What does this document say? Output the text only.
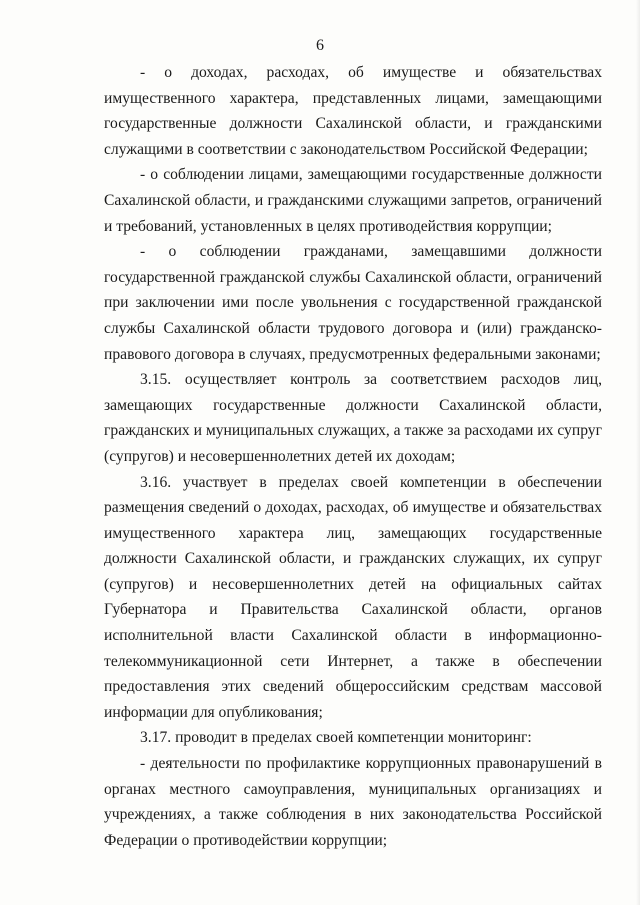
6

- о доходах, расходах, об имуществе и обязательствах имущественного характера, представленных лицами, замещающими государственные должности Сахалинской области, и гражданскими служащими в соответствии с законодательством Российской Федерации;

- о соблюдении лицами, замещающими государственные должности Сахалинской области, и гражданскими служащими запретов, ограничений и требований, установленных в целях противодействия коррупции;

- о соблюдении гражданами, замещавшими должности государственной гражданской службы Сахалинской области, ограничений при заключении ими после увольнения с государственной гражданской службы Сахалинской области трудового договора и (или) гражданско-правового договора в случаях, предусмотренных федеральными законами;

3.15. осуществляет контроль за соответствием расходов лиц, замещающих государственные должности Сахалинской области, гражданских и муниципальных служащих, а также за расходами их супруг (супругов) и несовершеннолетних детей их доходам;

3.16. участвует в пределах своей компетенции в обеспечении размещения сведений о доходах, расходах, об имуществе и обязательствах имущественного характера лиц, замещающих государственные должности Сахалинской области, и гражданских служащих, их супруг (супругов) и несовершеннолетних детей на официальных сайтах Губернатора и Правительства Сахалинской области, органов исполнительной власти Сахалинской области в информационно-телекоммуникационной сети Интернет, а также в обеспечении предоставления этих сведений общероссийским средствам массовой информации для опубликования;

3.17. проводит в пределах своей компетенции мониторинг:

- деятельности по профилактике коррупционных правонарушений в органах местного самоуправления, муниципальных организациях и учреждениях, а также соблюдения в них законодательства Российской Федерации о противодействии коррупции;
